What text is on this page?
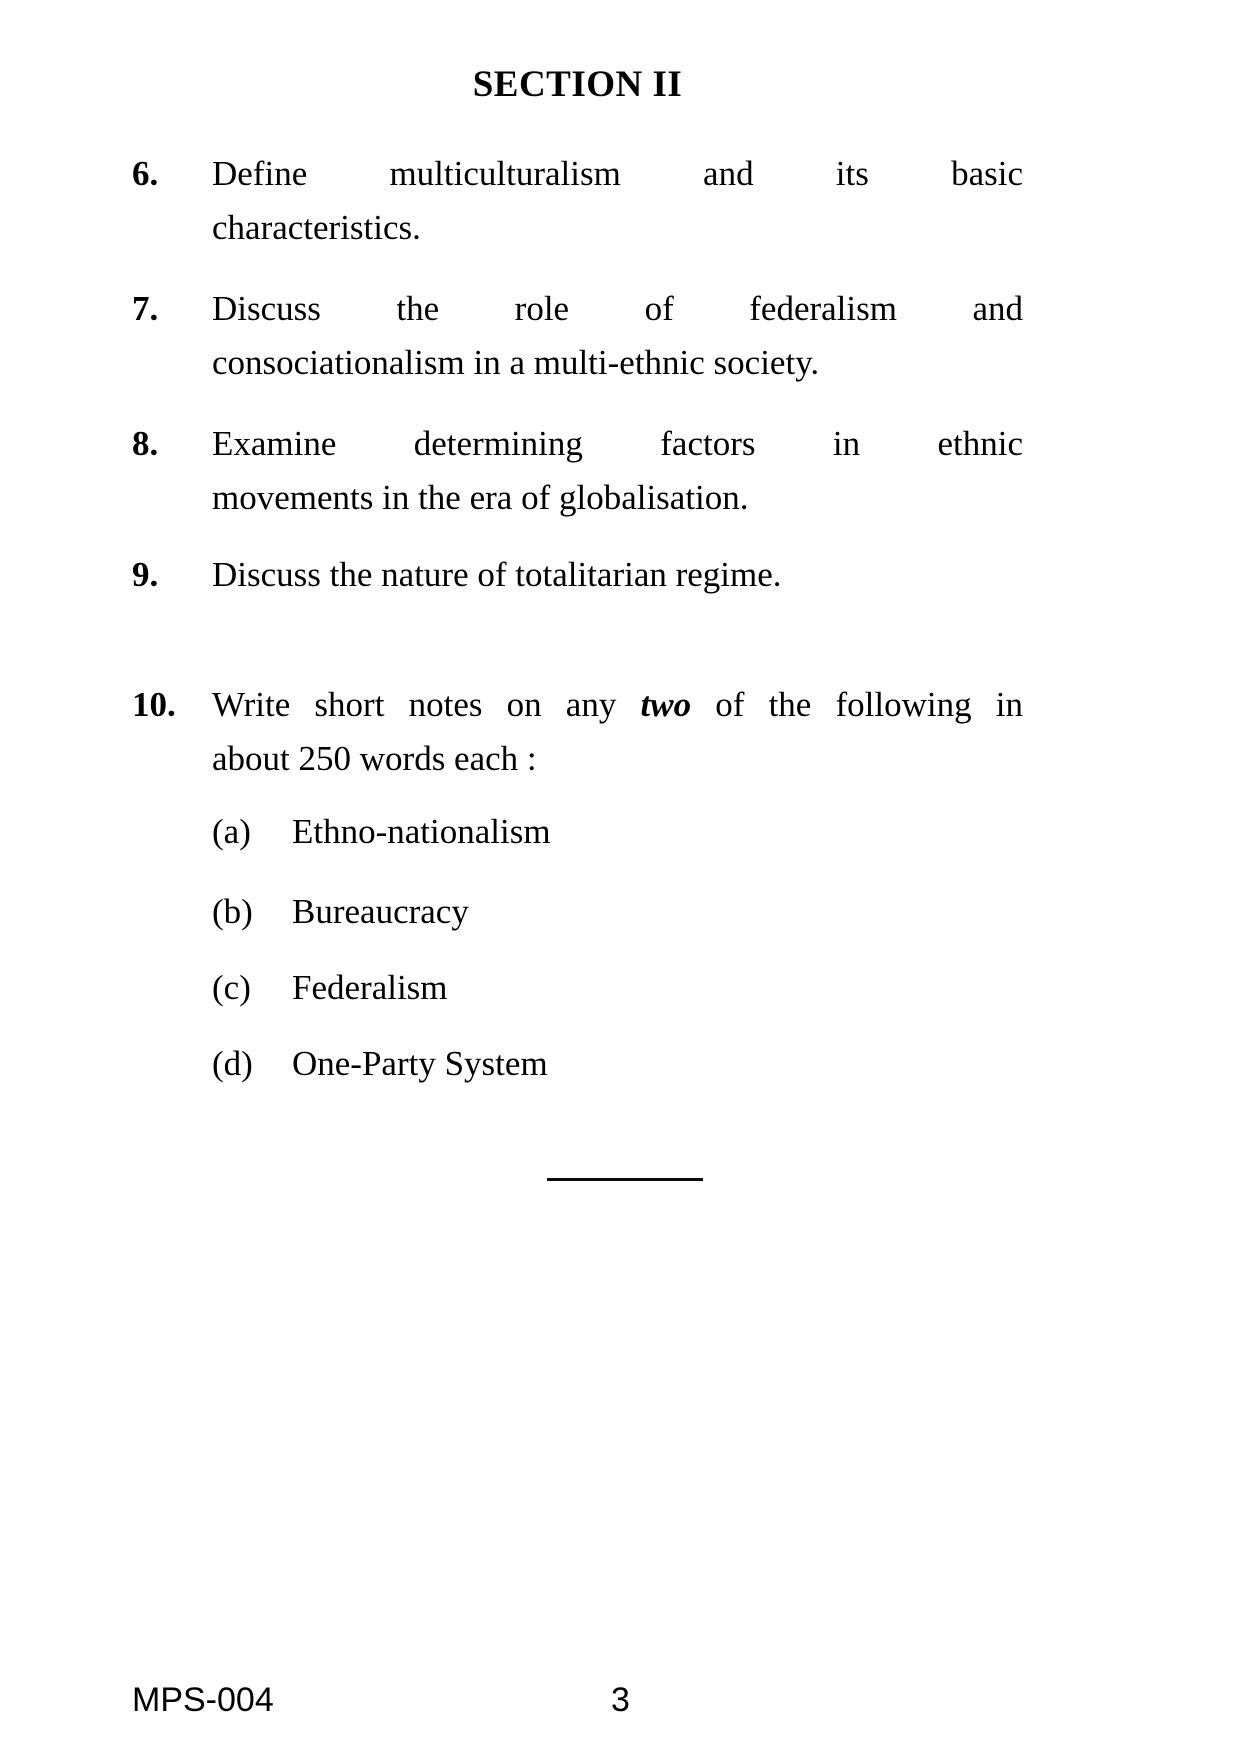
SECTION II
6.	Define multiculturalism and its basic
characteristics.
7.	Discuss the role of federalism and
consociationalism in a multi-ethnic society.
8.	Examine determining factors in ethnic
movements in the era of globalisation.
9.	Discuss the nature of totalitarian regime.
10.	Write short notes on any two of the following in
about 250 words each :
(a)	Ethno-nationalism
(b)	Bureaucracy
(c)	Federalism
(d)	One-Party System
MPS-004	3
